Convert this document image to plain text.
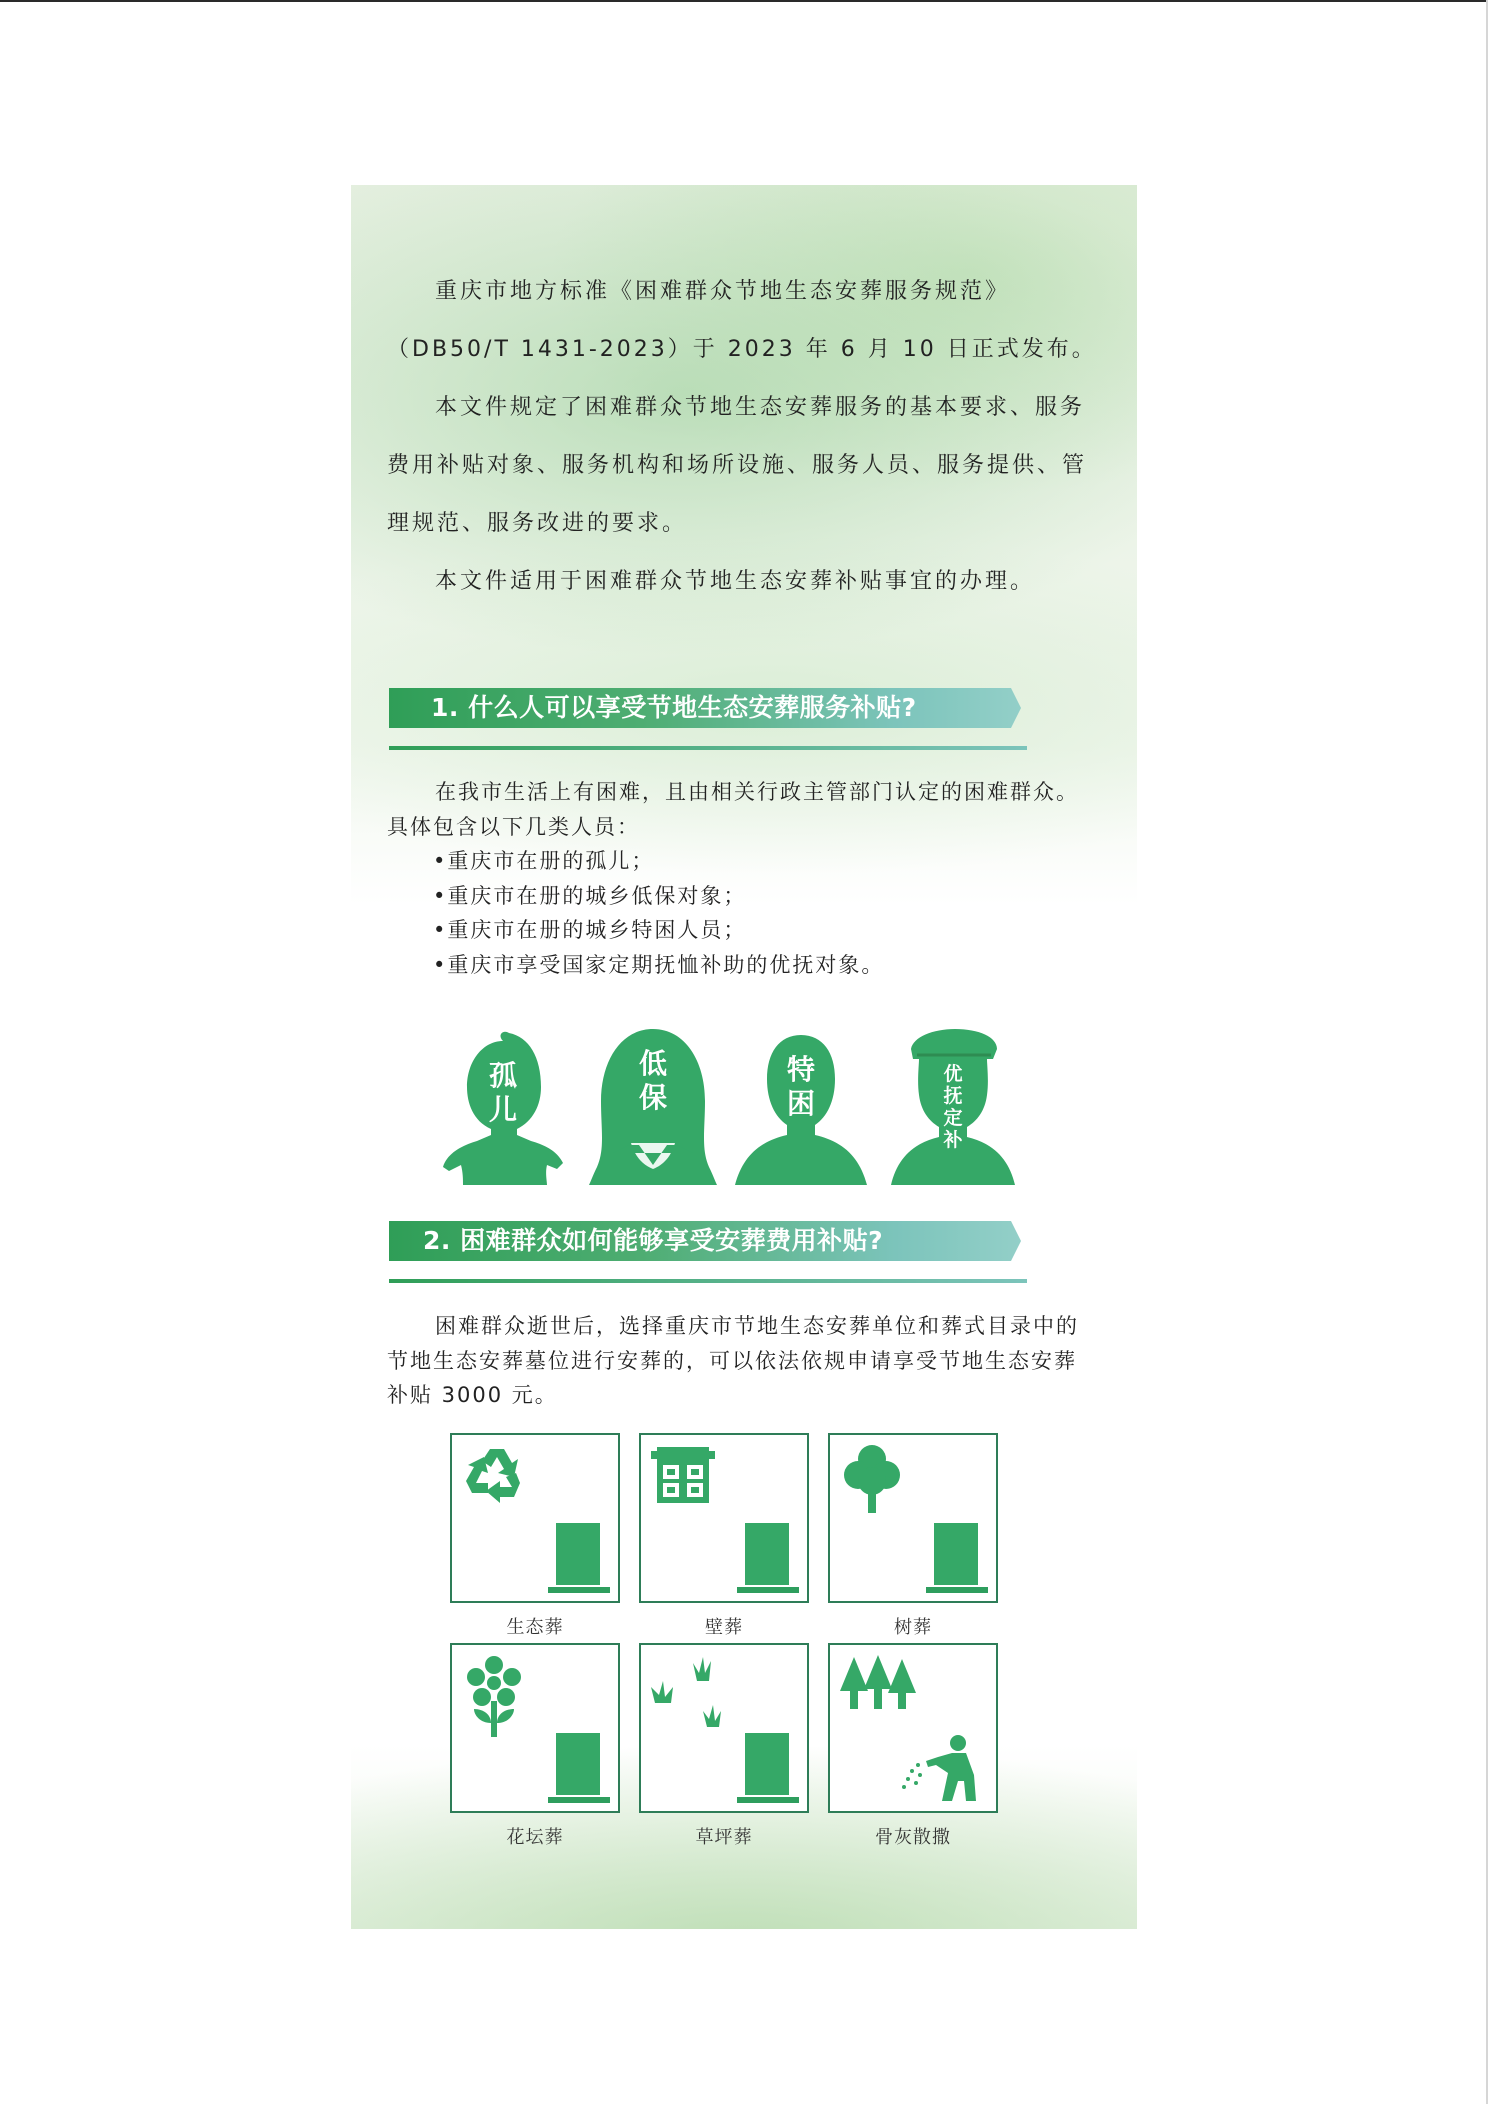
重庆市地方标准《困难群众节地生态安葬服务规范》（DB50/T 1431-2023）于 2023 年 6 月 10 日正式发布。

本文件规定了困难群众节地生态安葬服务的基本要求、服务费用补贴对象、服务机构和场所设施、服务人员、服务提供、管理规范、服务改进的要求。

本文件适用于困难群众节地生态安葬补贴事宜的办理。

1. 什么人可以享受节地生态安葬服务补贴?

在我市生活上有困难，且由相关行政主管部门认定的困难群众。具体包含以下几类人员：

•重庆市在册的孤儿；
•重庆市在册的城乡低保对象；
•重庆市在册的城乡特困人员；
•重庆市享受国家定期抚恤补助的优抚对象。
孤
儿
低
保
特
困
优
抚
定
补
2. 困难群众如何能够享受安葬费用补贴?

困难群众逝世后，选择重庆市节地生态安葬单位和葬式目录中的节地生态安葬墓位进行安葬的，可以依法依规申请享受节地生态安葬补贴 3000 元。

生态葬	壁葬	树葬
花坛葬	草坪葬	骨灰散撒
